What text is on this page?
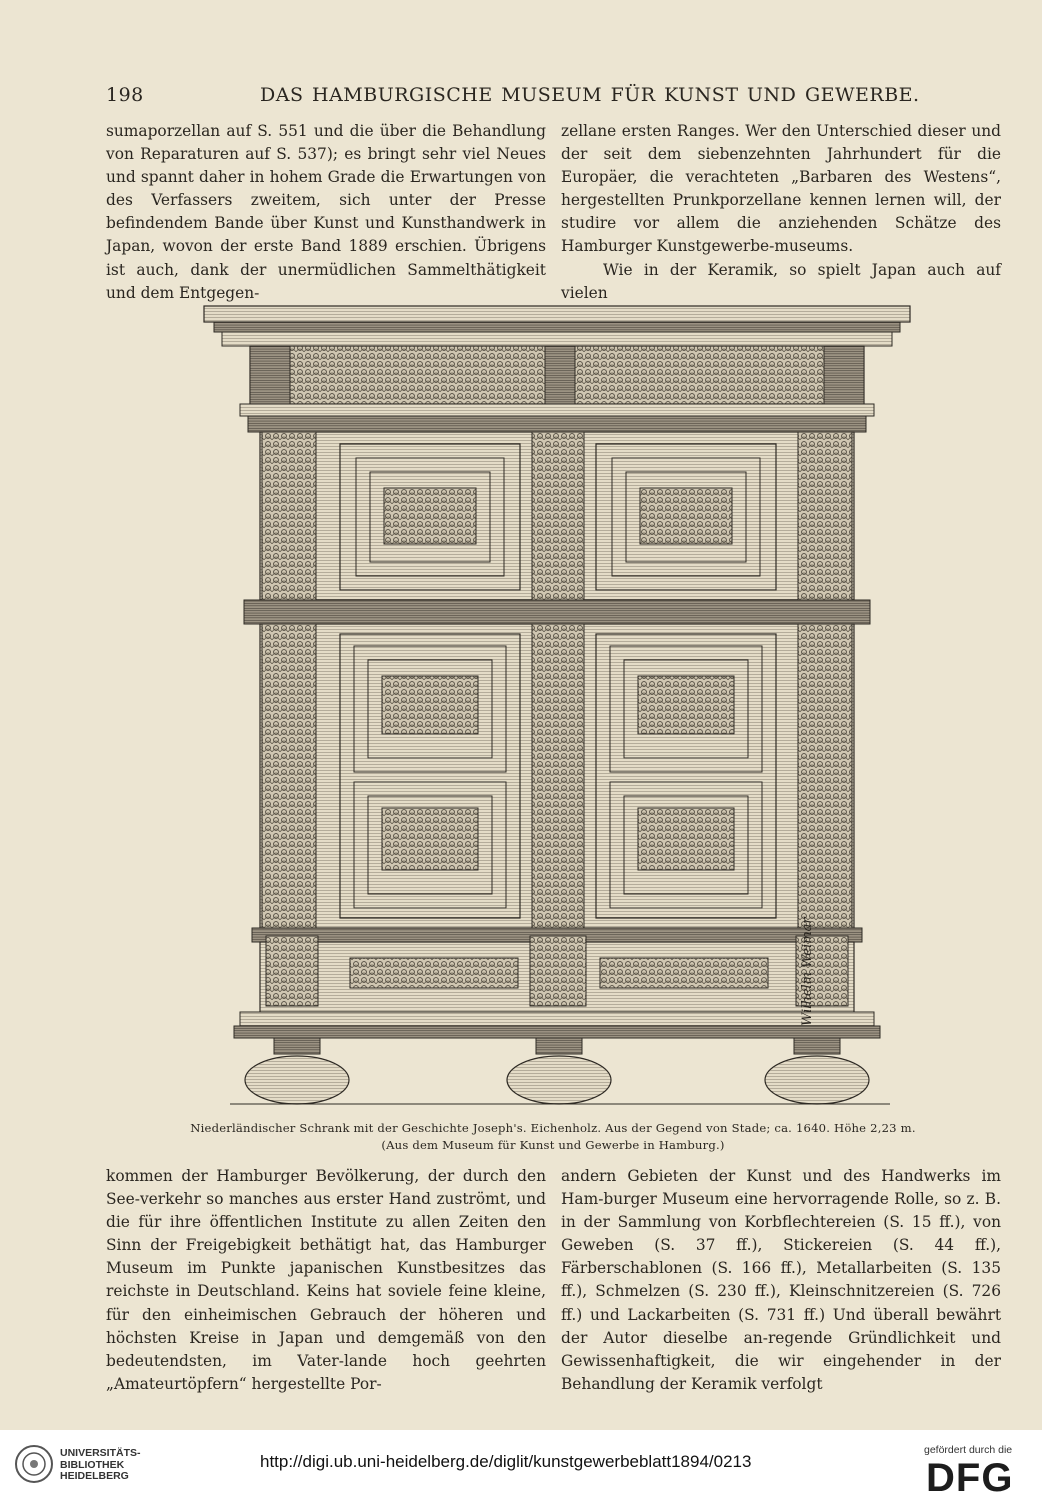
198	DAS HAMBURGISCHE MUSEUM FÜR KUNST UND GEWERBE.

sumaporzellan auf S. 551 und die über die Behandlung von Reparaturen auf S. 537); es bringt sehr viel Neues und spannt daher in hohem Grade die Erwartungen von des Verfassers zweitem, sich unter der Presse befindendem Bande über Kunst und Kunsthandwerk in Japan, wovon der erste Band 1889 erschien. Übrigens ist auch, dank der unermüdlichen Sammelthätigkeit und dem Entgegen-

zellane ersten Ranges. Wer den Unterschied dieser und der seit dem siebenzehnten Jahrhundert für die Europäer, die verachteten „Barbaren des Westens“, hergestellten Prunkporzellane kennen lernen will, der studire vor allem die anziehenden Schätze des Hamburger Kunstgewerbe-museums.

Wie in der Keramik, so spielt Japan auch auf vielen

Wilhelm Weimar
Niederländischer Schrank mit der Geschichte Joseph's. Eichenholz. Aus der Gegend von Stade; ca. 1640. Höhe 2,23 m.
(Aus dem Museum für Kunst und Gewerbe in Hamburg.)

kommen der Hamburger Bevölkerung, der durch den See-verkehr so manches aus erster Hand zuströmt, und die für ihre öffentlichen Institute zu allen Zeiten den Sinn der Freigebigkeit bethätigt hat, das Hamburger Museum im Punkte japanischen Kunstbesitzes das reichste in Deutschland. Keins hat soviele feine kleine, für den einheimischen Gebrauch der höheren und höchsten Kreise in Japan und demgemäß von den bedeutendsten, im Vater-lande hoch geehrten „Amateurtöpfern“ hergestellte Por-

andern Gebieten der Kunst und des Handwerks im Ham-burger Museum eine hervorragende Rolle, so z. B. in der Sammlung von Korbflechtereien (S. 15 ff.), von Geweben (S. 37 ff.), Stickereien (S. 44 ff.), Färberschablonen (S. 166 ff.), Metallarbeiten (S. 135 ff.), Schmelzen (S. 230 ff.), Kleinschnitzereien (S. 726 ff.) und Lackarbeiten (S. 731 ff.) Und überall bewährt der Autor dieselbe an-regende Gründlichkeit und Gewissenhaftigkeit, die wir eingehender in der Behandlung der Keramik verfolgt

UNIVERSITÄTS-
BIBLIOTHEK
HEIDELBERG
http://digi.ub.uni-heidelberg.de/diglit/kunstgewerbeblatt1894/0213
gefördert durch die
DFG
